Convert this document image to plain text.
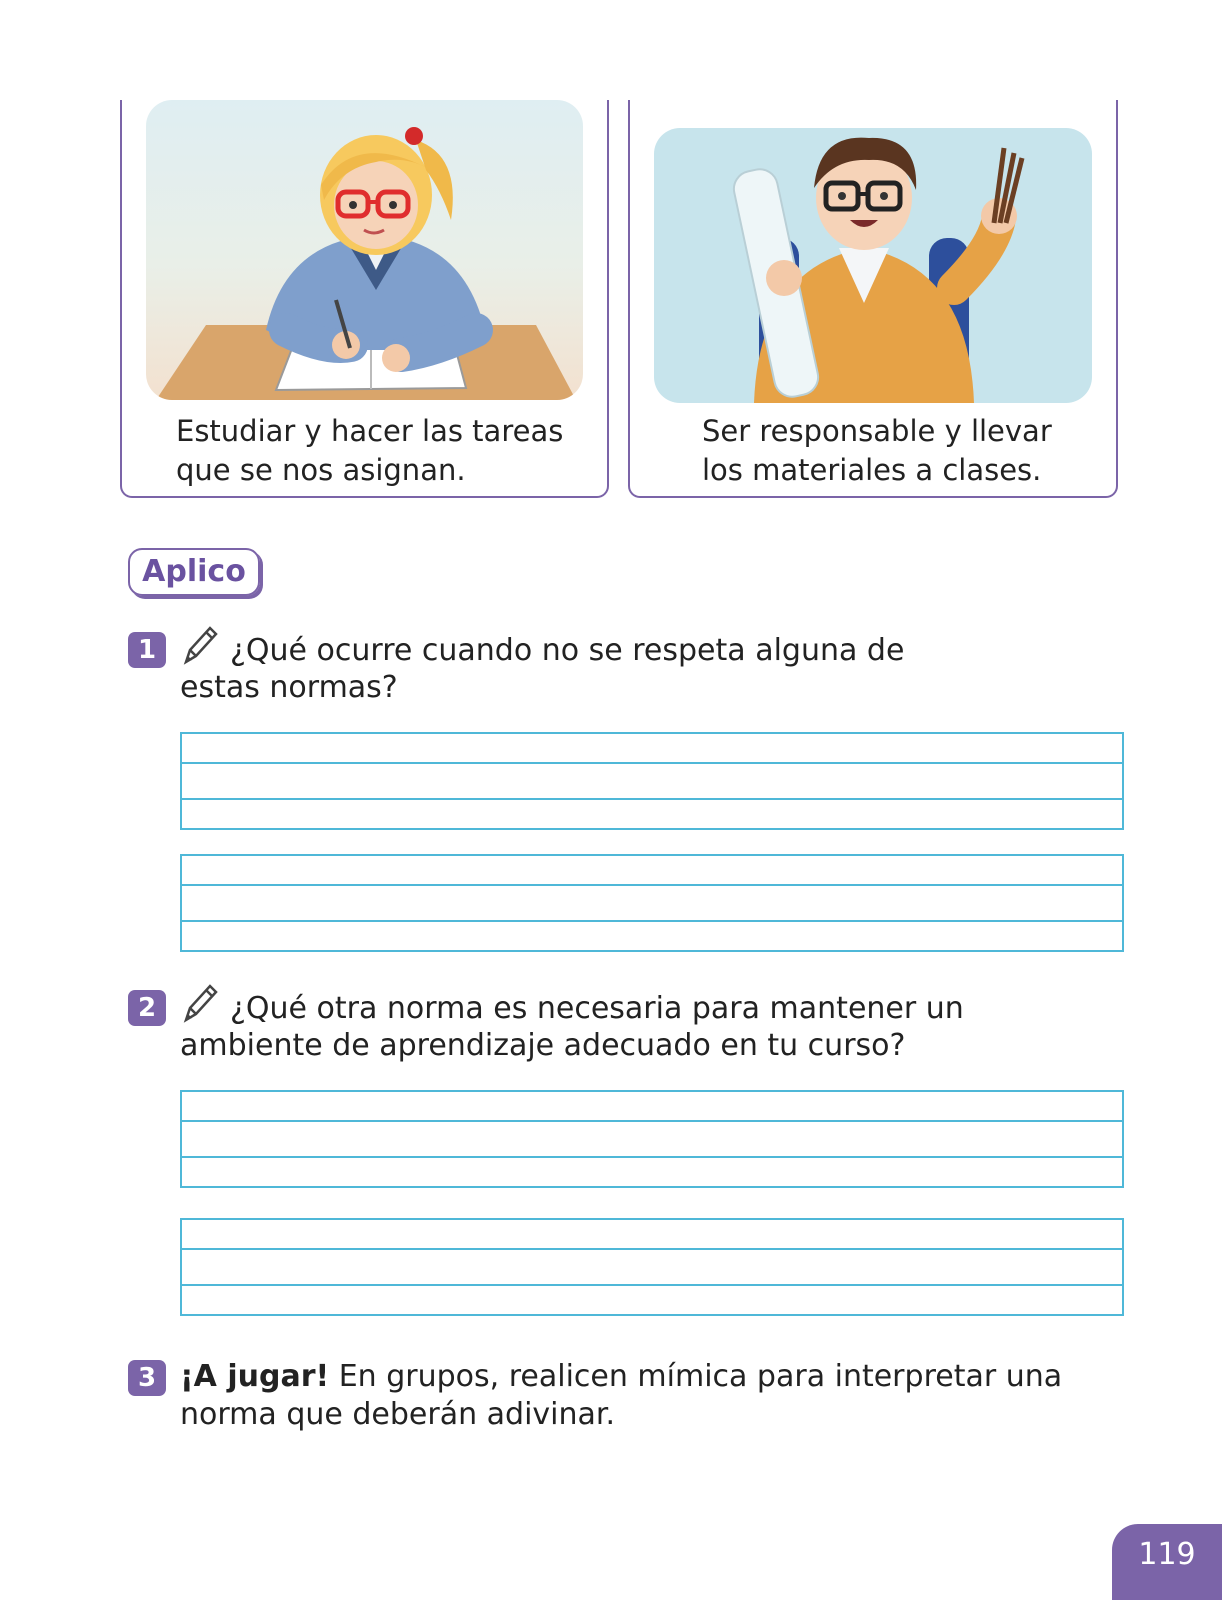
Estudiar y hacer las tareas
que se nos asignan.
Ser responsable y llevar
los materiales a clases.
Aplico
1	¿Qué ocurre cuando no se respeta alguna de
estas normas?
2	¿Qué otra norma es necesaria para mantener un
ambiente de aprendizaje adecuado en tu curso?
3 ¡A jugar! En grupos, realicen mímica para interpretar una
norma que deberán adivinar.
119
